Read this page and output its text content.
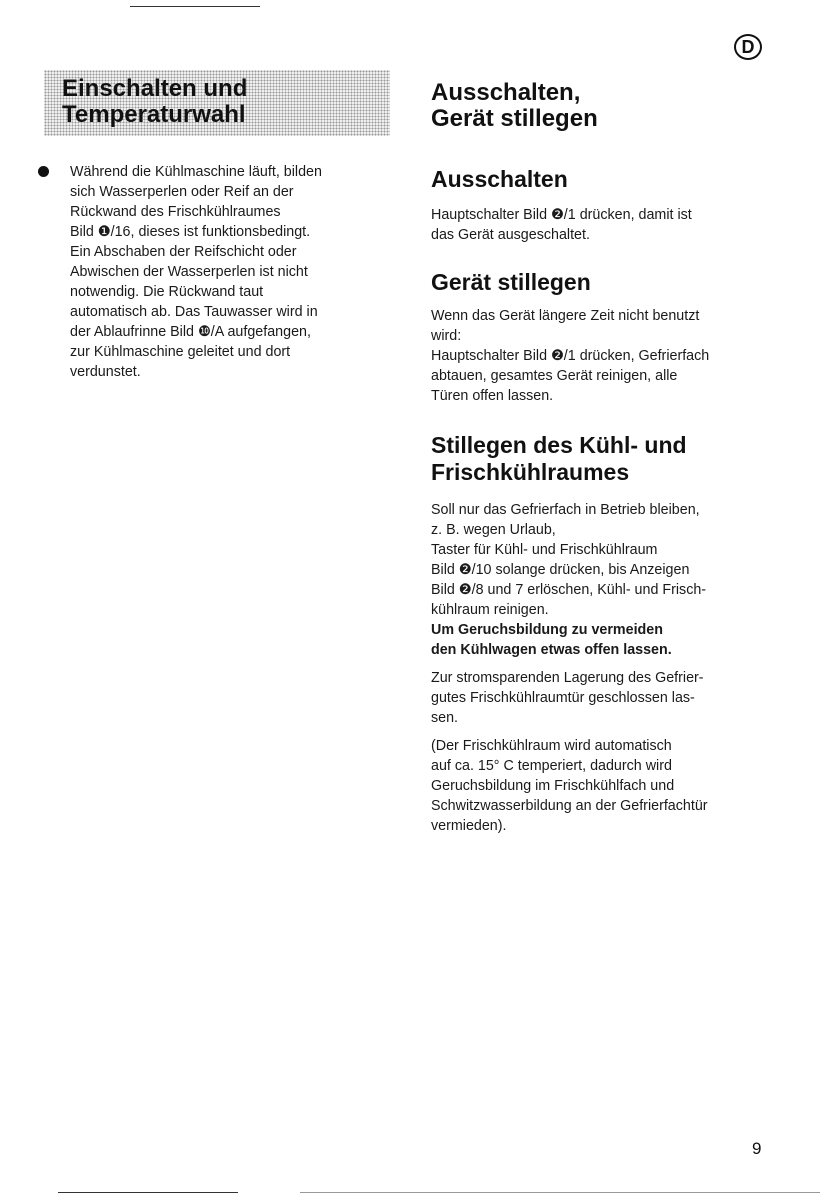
D
Einschalten und
Temperaturwahl
Während die Kühlmaschine läuft, bilden
sich Wasserperlen oder Reif an der
Rückwand des Frischkühlraumes
Bild ❶/16, dieses ist funktionsbedingt.
Ein Abschaben der Reifschicht oder
Abwischen der Wasserperlen ist nicht
notwendig. Die Rückwand taut
automatisch ab. Das Tauwasser wird in
der Ablaufrinne Bild ❿/A aufgefangen,
zur Kühlmaschine geleitet und dort
verdunstet.
Ausschalten,
Gerät stillegen
Ausschalten
Hauptschalter Bild ❷/1 drücken, damit ist
das Gerät ausgeschaltet.
Gerät stillegen
Wenn das Gerät längere Zeit nicht benutzt
wird:
Hauptschalter Bild ❷/1 drücken, Gefrierfach
abtauen, gesamtes Gerät reinigen, alle
Türen offen lassen.
Stillegen des Kühl- und
Frischkühlraumes
Soll nur das Gefrierfach in Betrieb bleiben,
z. B. wegen Urlaub,
Taster für Kühl- und Frischkühlraum
Bild ❷/10 solange drücken, bis Anzeigen
Bild ❷/8 und 7 erlöschen, Kühl- und Frisch-
kühlraum reinigen.
Um Geruchsbildung zu vermeiden
den Kühlwagen etwas offen lassen.
Zur stromsparenden Lagerung des Gefrier-
gutes Frischkühlraumtür geschlossen las-
sen.
(Der Frischkühlraum wird automatisch
auf ca. 15° C temperiert, dadurch wird
Geruchsbildung im Frischkühlfach und
Schwitzwasserbildung an der Gefrierfachtür
vermieden).
9
